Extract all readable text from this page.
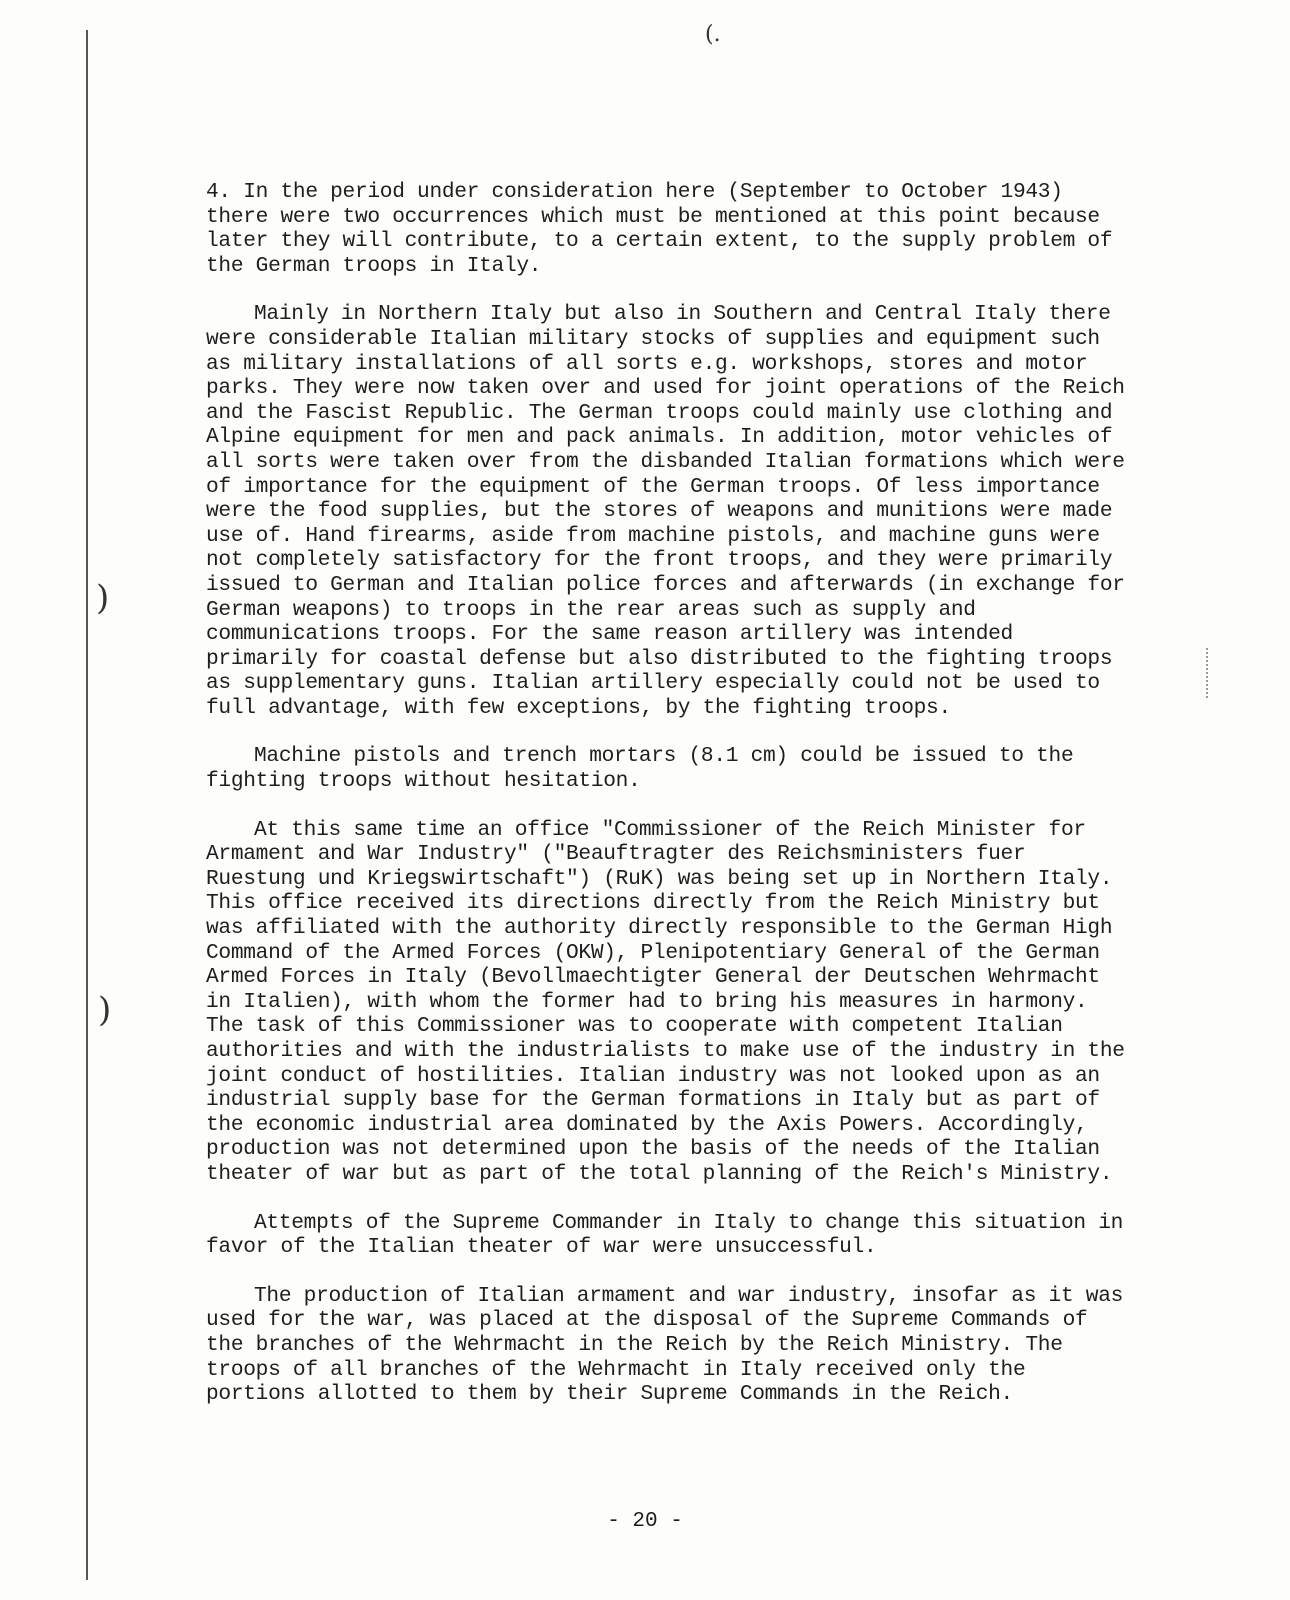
(.
)
)

4. In the period under consideration here (September to October 1943) there were two occurrences which must be mentioned at this point because later they will contribute, to a certain extent, to the supply problem of the German troops in Italy.

Mainly in Northern Italy but also in Southern and Central Italy there were considerable Italian military stocks of supplies and equipment such as military installations of all sorts e.g. workshops, stores and motor parks. They were now taken over and used for joint operations of the Reich and the Fascist Republic. The German troops could mainly use clothing and Alpine equipment for men and pack animals. In addition, motor vehicles of all sorts were taken over from the disbanded Italian formations which were of importance for the equipment of the German troops. Of less importance were the food supplies, but the stores of weapons and munitions were made use of. Hand firearms, aside from machine pistols, and machine guns were not completely satisfactory for the front troops, and they were primarily issued to German and Italian police forces and afterwards (in exchange for German weapons) to troops in the rear areas such as supply and communications troops. For the same reason artillery was intended primarily for coastal defense but also distributed to the fighting troops as supplementary guns. Italian artillery especially could not be used to full advantage, with few exceptions, by the fighting troops.

Machine pistols and trench mortars (8.1 cm) could be issued to the fighting troops without hesitation.

At this same time an office "Commissioner of the Reich Minister for Armament and War Industry" ("Beauftragter des Reichsministers fuer Ruestung und Kriegswirtschaft") (RuK) was being set up in Northern Italy. This office received its directions directly from the Reich Ministry but was affiliated with the authority directly responsible to the German High Command of the Armed Forces (OKW), Plenipotentiary General of the German Armed Forces in Italy (Bevollmaechtigter General der Deutschen Wehrmacht in Italien), with whom the former had to bring his measures in harmony. The task of this Commissioner was to cooperate with competent Italian authorities and with the industrialists to make use of the industry in the joint conduct of hostilities. Italian industry was not looked upon as an industrial supply base for the German formations in Italy but as part of the economic industrial area dominated by the Axis Powers. Accordingly, production was not determined upon the basis of the needs of the Italian theater of war but as part of the total planning of the Reich's Ministry.

Attempts of the Supreme Commander in Italy to change this situation in favor of the Italian theater of war were unsuccessful.

The production of Italian armament and war industry, insofar as it was used for the war, was placed at the disposal of the Supreme Commands of the branches of the Wehrmacht in the Reich by the Reich Ministry. The troops of all branches of the Wehrmacht in Italy received only the portions allotted to them by their Supreme Commands in the Reich.

- 20 -
